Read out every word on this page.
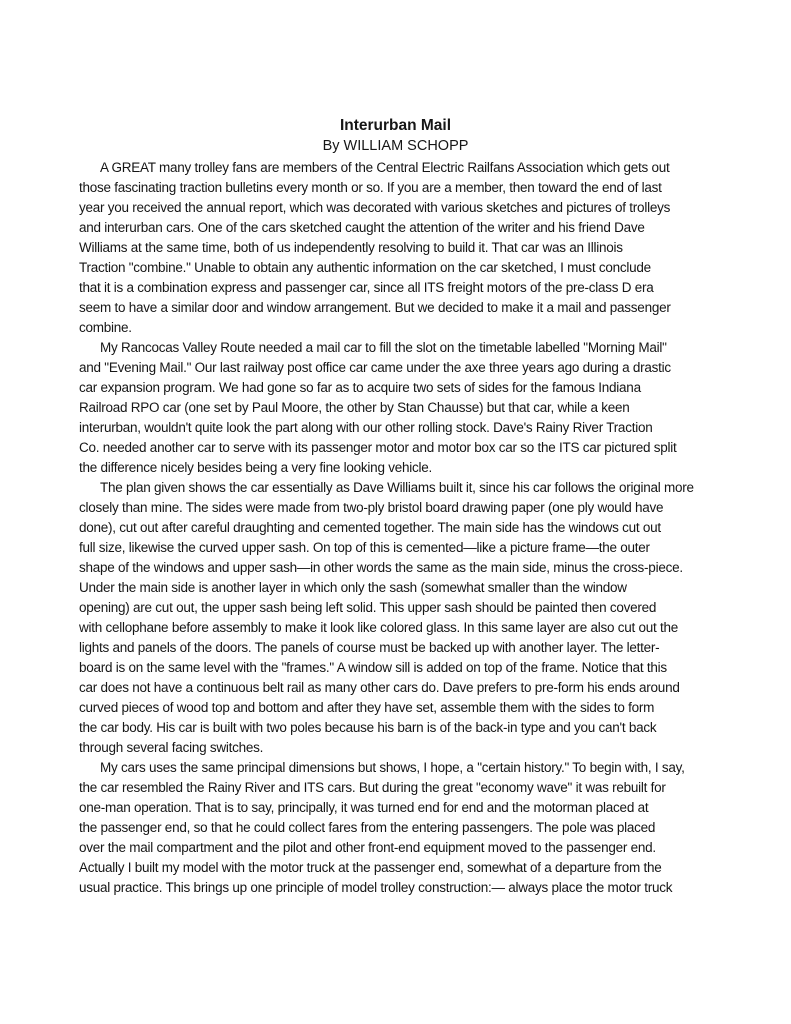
Interurban Mail
By WILLIAM SCHOPP
A GREAT many trolley fans are members of the Central Electric Railfans Association which gets out
those fascinating traction bulletins every month or so. If you are a member, then toward the end of last
year you received the annual report, which was decorated with various sketches and pictures of trolleys
and interurban cars. One of the cars sketched caught the attention of the writer and his friend Dave
Williams at the same time, both of us independently resolving to build it. That car was an Illinois
Traction "combine." Unable to obtain any authentic information on the car sketched, I must conclude
that it is a combination express and passenger car, since all ITS freight motors of the pre-class D era
seem to have a similar door and window arrangement. But we decided to make it a mail and passenger
combine.
My Rancocas Valley Route needed a mail car to fill the slot on the timetable labelled "Morning Mail"
and "Evening Mail." Our last railway post office car came under the axe three years ago during a drastic
car expansion program. We had gone so far as to acquire two sets of sides for the famous Indiana
Railroad RPO car (one set by Paul Moore, the other by Stan Chausse) but that car, while a keen
interurban, wouldn't quite look the part along with our other rolling stock. Dave's Rainy River Traction
Co. needed another car to serve with its passenger motor and motor box car so the ITS car pictured split
the difference nicely besides being a very fine looking vehicle.
The plan given shows the car essentially as Dave Williams built it, since his car follows the original more
closely than mine. The sides were made from two-ply bristol board drawing paper (one ply would have
done), cut out after careful draughting and cemented together. The main side has the windows cut out
full size, likewise the curved upper sash. On top of this is cemented—like a picture frame—the outer
shape of the windows and upper sash—in other words the same as the main side, minus the cross-piece.
Under the main side is another layer in which only the sash (somewhat smaller than the window
opening) are cut out, the upper sash being left solid. This upper sash should be painted then covered
with cellophane before assembly to make it look like colored glass. In this same layer are also cut out the
lights and panels of the doors. The panels of course must be backed up with another layer. The letter-
board is on the same level with the "frames." A window sill is added on top of the frame. Notice that this
car does not have a continuous belt rail as many other cars do. Dave prefers to pre-form his ends around
curved pieces of wood top and bottom and after they have set, assemble them with the sides to form
the car body. His car is built with two poles because his barn is of the back-in type and you can't back
through several facing switches.
My cars uses the same principal dimensions but shows, I hope, a "certain history." To begin with, I say,
the car resembled the Rainy River and ITS cars. But during the great "economy wave" it was rebuilt for
one-man operation. That is to say, principally, it was turned end for end and the motorman placed at
the passenger end, so that he could collect fares from the entering passengers. The pole was placed
over the mail compartment and the pilot and other front-end equipment moved to the passenger end.
Actually I built my model with the motor truck at the passenger end, somewhat of a departure from the
usual practice. This brings up one principle of model trolley construction:— always place the motor truck
